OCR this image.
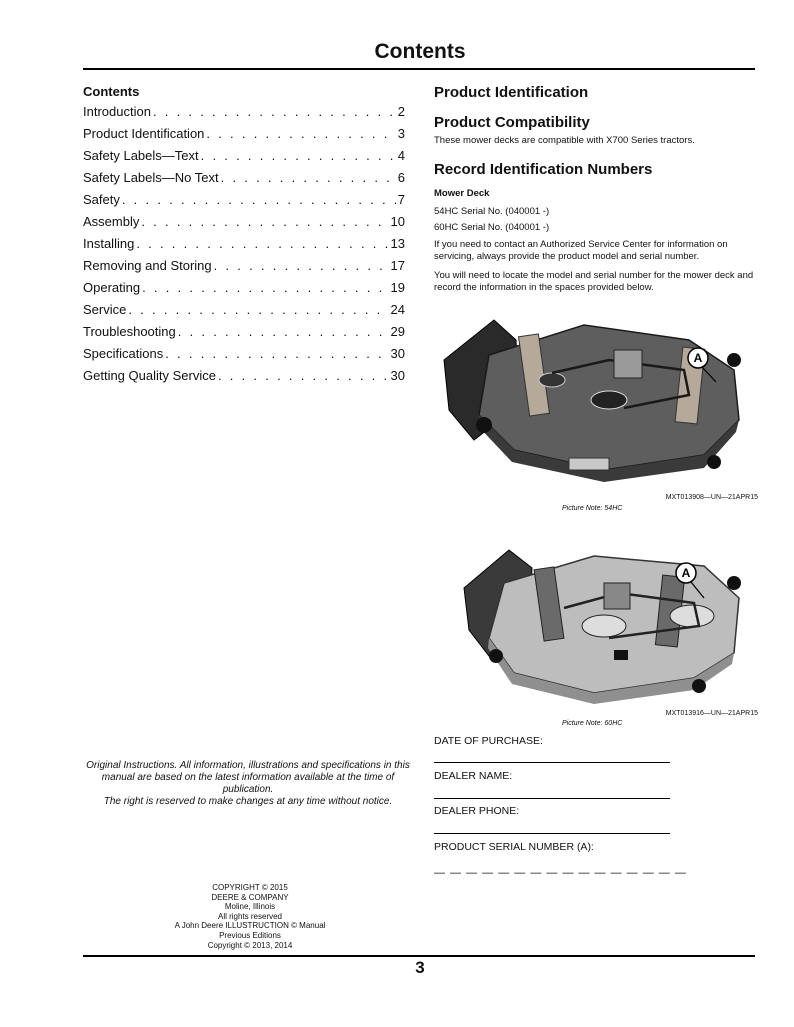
Contents
Contents
Introduction . . .	2
Product Identification . . .	3
Safety Labels—Text . . .	4
Safety Labels—No Text . . .	6
Safety . . .	7
Assembly . . .	10
Installing . . .	13
Removing and Storing . . .	17
Operating . . .	19
Service . . .	24
Troubleshooting . . .	29
Specifications . . .	30
Getting Quality Service . . .	30
Original Instructions. All information, illustrations and specifications in this manual are based on the latest information available at the time of publication.
The right is reserved to make changes at any time without notice.
COPYRIGHT © 2015
DEERE & COMPANY
Moline, Illinois
All rights reserved
A John Deere ILLUSTRUCTION © Manual
Previous Editions
Copyright © 2013, 2014
Product Identification
Product Compatibility
These mower decks are compatible with X700 Series tractors.
Record Identification Numbers
Mower Deck
54HC Serial No. (040001 -)
60HC Serial No. (040001 -)
If you need to contact an Authorized Service Center for information on servicing, always provide the product model and serial number.
You will need to locate the model and serial number for the mower deck and record the information in the spaces provided below.
A
MXT013908—UN—21APR15
Picture Note: 54HC
A
MXT013916—UN—21APR15
Picture Note: 60HC
DATE OF PURCHASE:
DEALER NAME:
DEALER PHONE:
PRODUCT SERIAL NUMBER (A):
— — — — — — — — — — — — — — — —
3
